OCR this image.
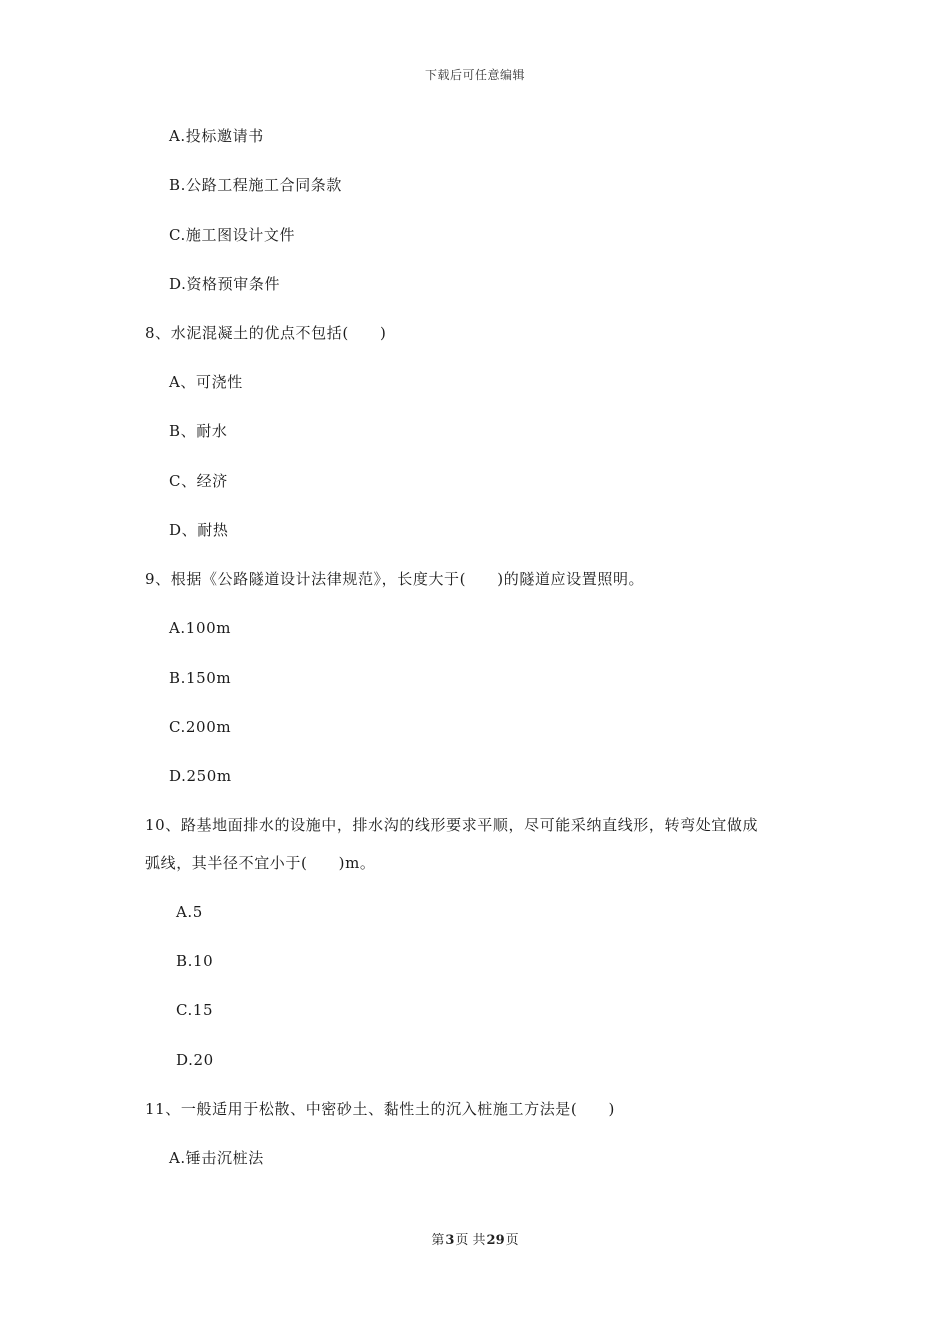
下载后可任意编辑
A.投标邀请书
B.公路工程施工合同条款
C.施工图设计文件
D.资格预审条件
8、水泥混凝土的优点不包括(　　)
A、可浇性
B、耐水
C、经济
D、耐热
9、根据《公路隧道设计法律规范》，长度大于(　　)的隧道应设置照明。
A.100m
B.150m
C.200m
D.250m
10、路基地面排水的设施中，排水沟的线形要求平顺，尽可能采纳直线形，转弯处宜做成
弧线，其半径不宜小于(　　)m。
A.5
B.10
C.15
D.20
11、一般适用于松散、中密砂土、黏性土的沉入桩施工方法是(　　)
A.锤击沉桩法
第3页 共29页
